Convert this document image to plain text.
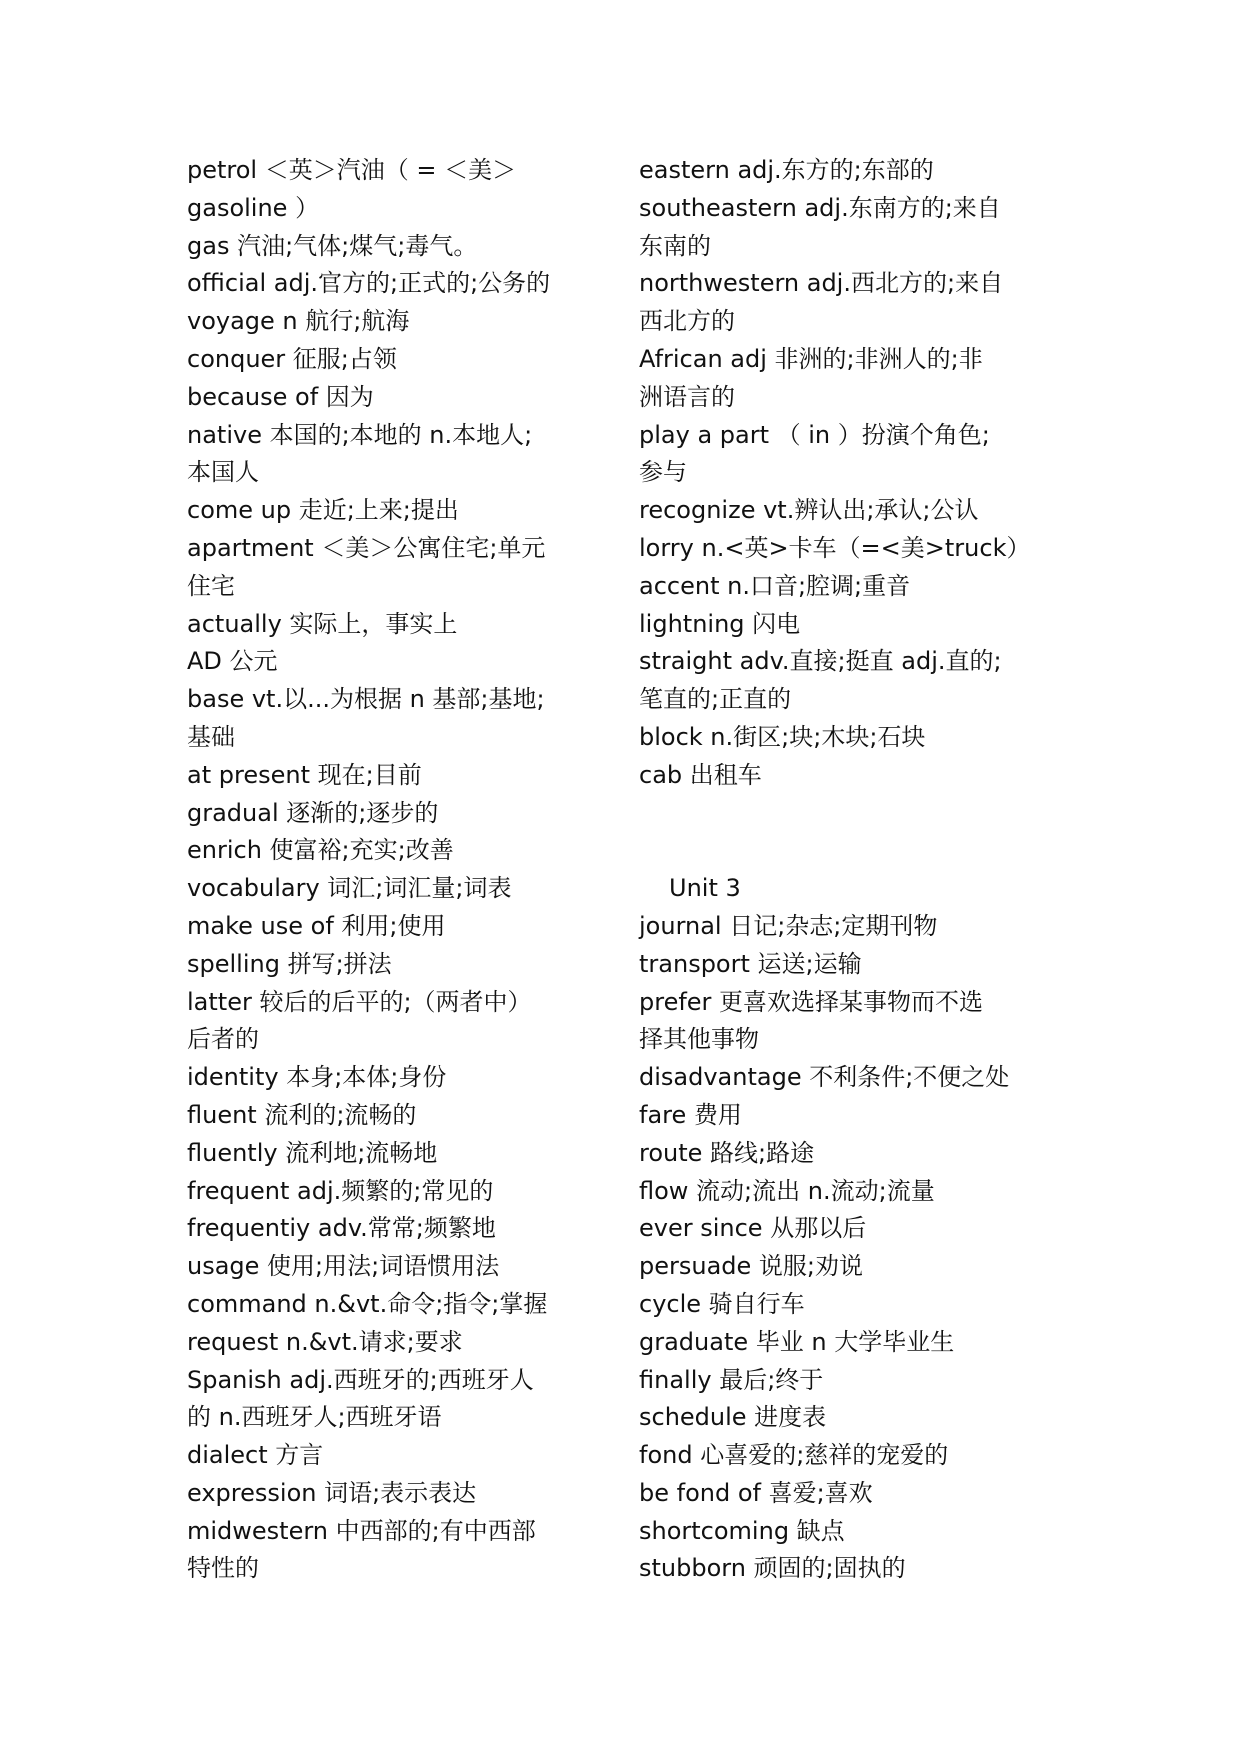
petrol ＜英＞汽油（ = ＜美＞
gasoline ）
gas 汽油;气体;煤气;毒气。
official adj.官方的;正式的;公务的
voyage n 航行;航海
conquer 征服;占领
because of 因为
native 本国的;本地的 n.本地人;
本国人
come up 走近;上来;提出
apartment ＜美＞公寓住宅;单元
住宅
actually 实际上，事实上
AD 公元
base vt.以...为根据 n 基部;基地;
基础
at present 现在;目前
gradual 逐渐的;逐步的
enrich 使富裕;充实;改善
vocabulary 词汇;词汇量;词表
make use of 利用;使用
spelling 拼写;拼法
latter 较后的后平的;（两者中）
后者的
identity 本身;本体;身份
fluent 流利的;流畅的
fluently 流利地;流畅地
frequent adj.频繁的;常见的
frequentiy adv.常常;频繁地
usage 使用;用法;词语惯用法
command n.&vt.命令;指令;掌握
request n.&vt.请求;要求
Spanish adj.西班牙的;西班牙人
的 n.西班牙人;西班牙语
dialect 方言
expression 词语;表示表达
midwestern 中西部的;有中西部
特性的
eastern adj.东方的;东部的
southeastern adj.东南方的;来自
东南的
northwestern adj.西北方的;来自
西北方的
African adj 非洲的;非洲人的;非
洲语言的
play a part （ in ）扮演个角色;
参与
recognize vt.辨认出;承认;公认
lorry n.<英>卡车（=<美>truck）
accent n.口音;腔调;重音
lightning 闪电
straight adv.直接;挺直 adj.直的;
笔直的;正直的
block n.街区;块;木块;石块
cab 出租车
Unit 3
journal 日记;杂志;定期刊物
transport 运送;运输
prefer 更喜欢选择某事物而不选
择其他事物
disadvantage 不利条件;不便之处
fare 费用
route 路线;路途
flow 流动;流出 n.流动;流量
ever since 从那以后
persuade 说服;劝说
cycle 骑自行车
graduate 毕业 n 大学毕业生
finally 最后;终于
schedule 进度表
fond 心喜爱的;慈祥的宠爱的
be fond of 喜爱;喜欢
shortcoming 缺点
stubborn 顽固的;固执的
